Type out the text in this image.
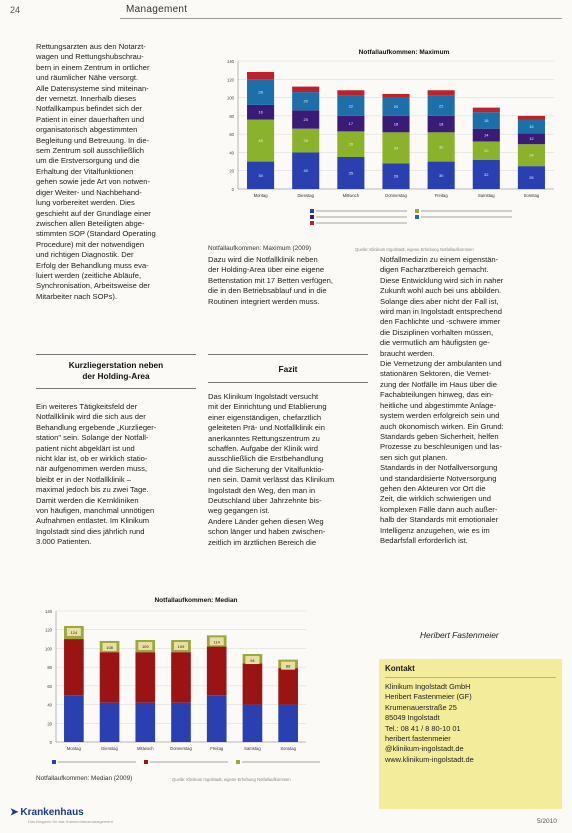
24	Management
Rettungsarzten aus den Notarzt-
wagen und Rettungshubschrau-
bern in einem Zentrum in ortlicher
und räumlicher Nähe versorgt.
Alle Datensysteme sind miteinan-
der vernetzt. Innerhalb dieses
Notfallkampus befindet sich der
Patient in einer dauerhaften und
organisatorisch abgestimmten
Begleitung und Betreuung. In die-
sem Zentrum soll ausschließlich
um die Erstversorgung und die
Erhaltung der Vitalfunktionen
gehen sowie jede Art von notwen-
diger Weiter- und Nachbehand-
lung vorbereitet werden. Dies
geschieht auf der Grundlage einer
zwischen allen Beteiligten abge-
stimmten SOP (Standard Operating
Procedure) mit der notwendigen
und richtigen Diagnostik. Der
Erfolg der Behandlung muss eva-
luiert werden (zeitliche Abläufe,
Synchronisation, Arbeitsweise der
Mitarbeiter nach SOPs).
Kurzliegerstation neben
der Holding-Area
Ein weiteres Tätigkeitsfeld der
Notfallklinik wird die sich aus der
Behandlung ergebende „Kurzlieger-
station" sein. Solange der Notfall-
patient nicht abgeklärt ist und
nicht klar ist, ob er wirklich statio-
när aufgenommen werden muss,
bleibt er in der Notfallklinik –
maximal jedoch bis zu zwei Tage.
Damit werden die Kernkliniken
von häufigen, manchmal unnötigen
Aufnahmen entlastet. Im Klinikum
Ingolstadt sind dies jährlich rund
3.000 Patienten.
Dazu wird die Notfallklinik neben
der Holding-Area über eine eigene
Bettenstation mit 17 Betten verfügen,
die in den Betriebsablauf und in die
Routinen integriert werden muss.
Fazit
Das Klinikum Ingolstadt versucht
mit der Einrichtung und Etablierung
einer eigenständigen, chefarztlich
geleiteten Prä- und Notfallklinik ein
anerkanntes Rettungszentrum zu
schaffen. Aufgabe der Klinik wird
ausschließlich die Erstbehandlung
und die Sicherung der Vitalfunktio-
nen sein. Damit verlässt das Klinikum
Ingolstadt den Weg, den man in
Deutschland über Jahrzehnte bis-
weg gegangen ist.
Andere Länder gehen diesen Weg
schon länger und haben zwischen-
zeitlich im ärztlichen Bereich die
Notfallmedizin zu einem eigenstän-
digen Facharztbereich gemacht.
Diese Entwicklung wird sich in naher
Zukunft wohl auch bei uns abbilden.
Solange dies aber nicht der Fall ist,
wird man in Ingolstadt entsprechend
den Fachlichte und -schwere immer
die Disziplinen vorhalten müssen,
die vermutlich am häufigsten ge-
braucht werden.
Die Vernetzung der ambulanten und
stationären Sektoren, die Vernet-
zung der Notfälle im Haus über die
Fachabteilungen hinweg, das ein-
heitliche und abgestimmte Anlage-
system werden erfolgreich sein und
auch ökonomisch wirken. Ein Grund:
Standards geben Sicherheit, helfen
Prozesse zu beschleunigen und las-
sen sich gut planen.
Standards in der Notfallversorgung
und standardisierte Notversorgung
gehen den Akteuren vor Ort die
Zeit, die wirklich schwierigen und
komplexen Fälle dann auch außer-
halb der Standards mit emotionaler
Intelligenz anzugehen, wie es im
Bedarfsfall erforderlich ist.
Heribert Fastenmeier
Kontakt
Klinikum Ingolstadt GmbH
Heribert Fastenmeier (GF)
Krumenauerstraße 25
85049 Ingolstadt
Tel.: 08 41 / 8 80-10 01
heribert.fastenmeier
@klinikum-ingolstadt.de
www.klinikum-ingolstadt.de
Notfallaufkommen: Maximum
0
20
40
60
80
100
120
140
30
46
16
28
Montag
40
26
20
20
Dienstag
35
28
17
22
Mittwoch
28
34
18
20
Donnerstag
30
32
18
22
Freitag
32
20
14
18
Samstag
25
24
12
15
Sonntag
Notfallaufkommen: Maximum (2009)	Quelle: Klinikum Ingolstadt, eigene Erhebung Notfallaufkommen
Notfallaufkommen: Median
0
20
40
60
80
100
120
140
124
Montag
108
Dienstag
109
Mittwoch
109
Donnerstag
114
Freitag
94
Samstag
88
Sonntag
Notfallaufkommen: Median (2009)	Quelle: Klinikum Ingolstadt, eigene Erhebung Notfallaufkommen
➤ Krankenhaus
Das Magazin für das Krankenhausmanagement	5/2010
